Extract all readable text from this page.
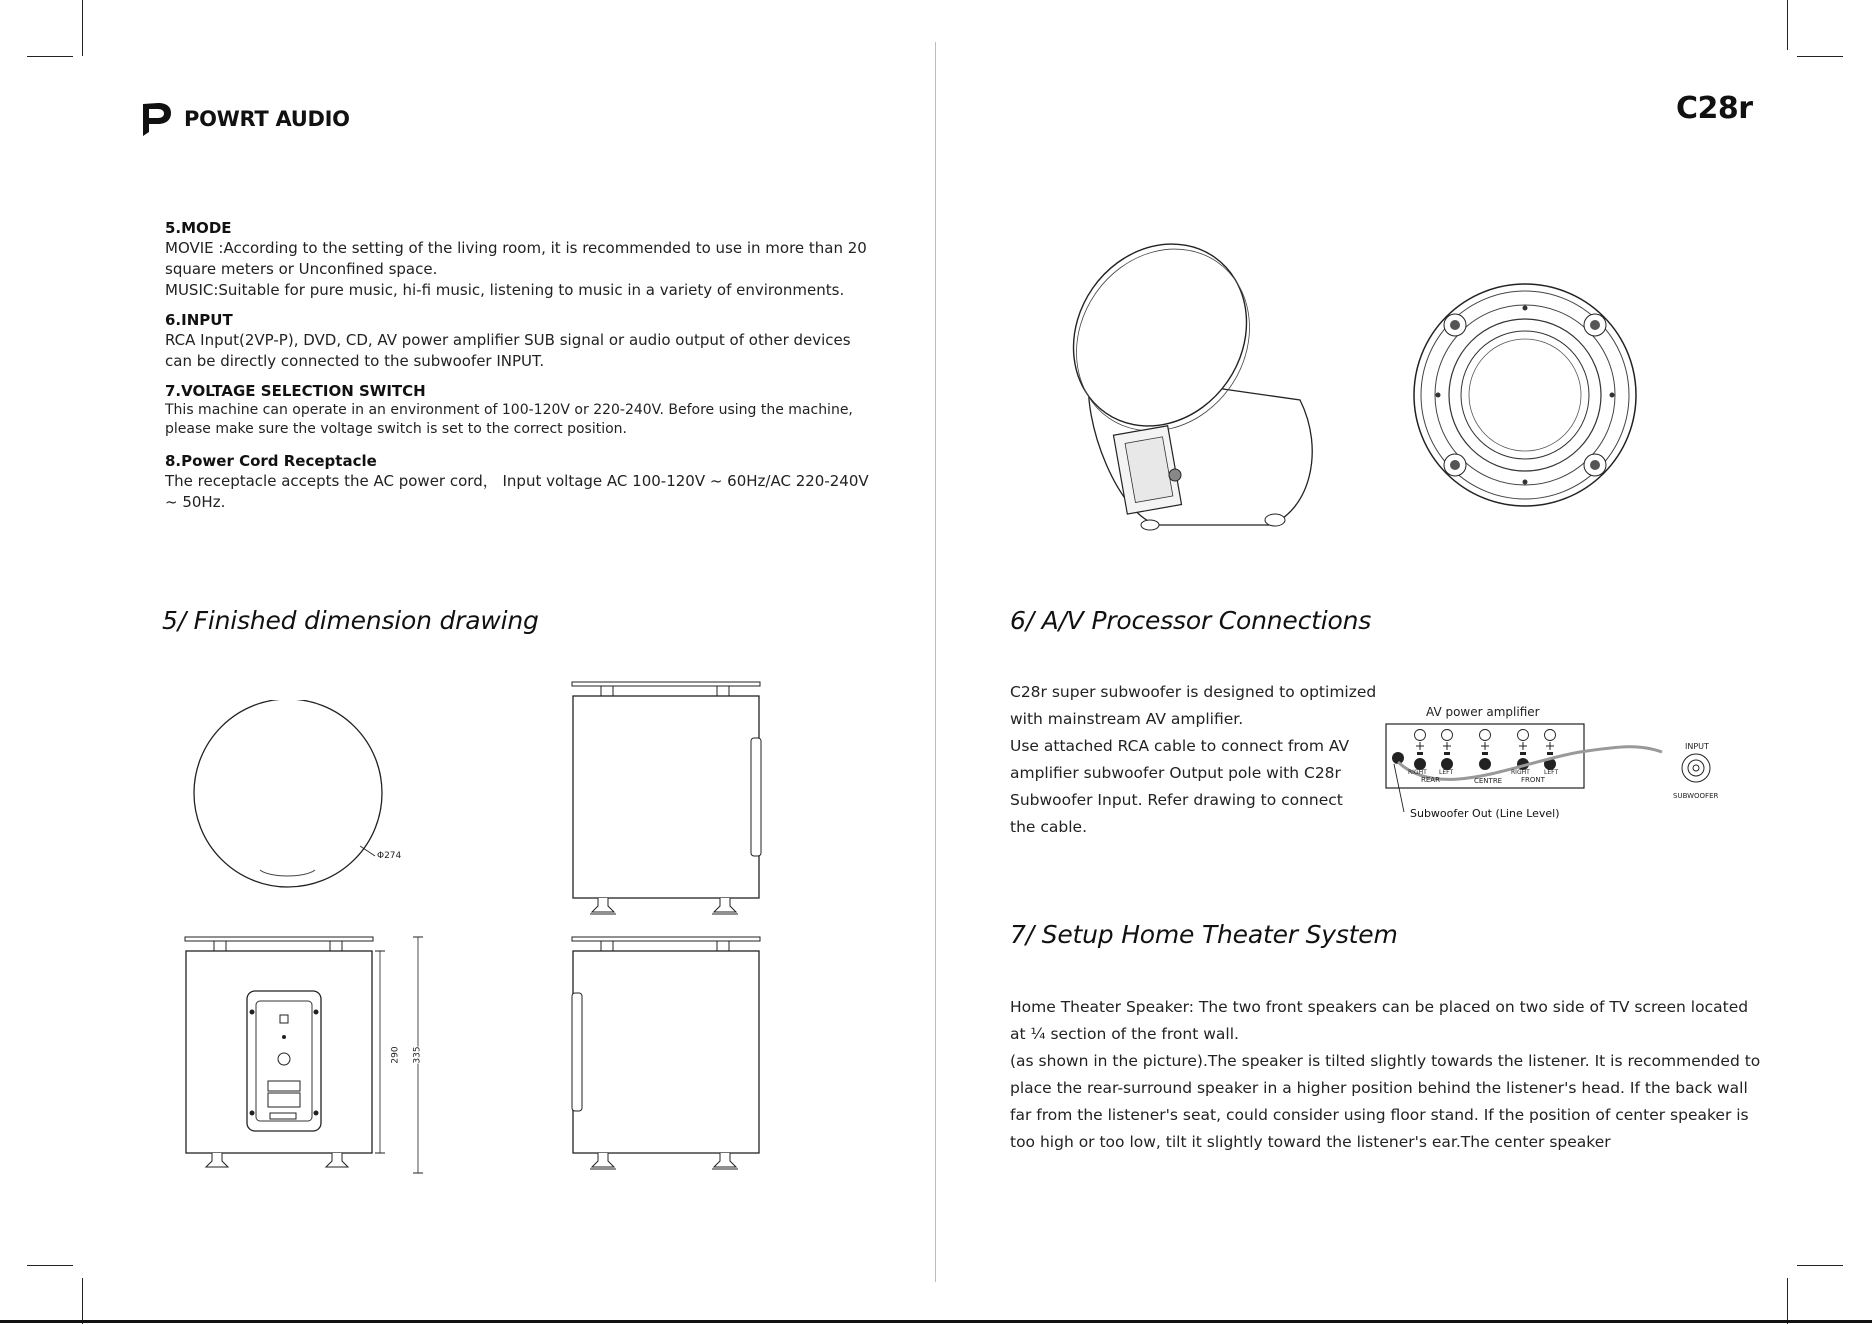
POWRT AUDIO	C28r
5.MODE
MOVIE :According to the setting of the living room, it is recommended to use in more than 20
square meters or Unconfined space.
MUSIC:Suitable for pure music, hi-fi music, listening to music in a variety of environments.
6.INPUT
RCA Input(2VP-P), DVD, CD, AV power amplifier SUB signal or audio output of other devices
can be directly connected to the subwoofer INPUT.
7.VOLTAGE SELECTION SWITCH
This machine can operate in an environment of 100-120V or 220-240V. Before using the machine,
please make sure the voltage switch is set to the correct position.
8.Power Cord Receptacle
The receptacle accepts the AC power cord， Input voltage AC 100-120V ~ 60Hz/AC 220-240V
~ 50Hz.
5/ Finished dimension drawing	6/ A/V Processor Connections
7/ Setup Home Theater System
Φ274
290 335
C28r super subwoofer is designed to optimized
with mainstream AV amplifier.
Use attached RCA cable to connect from AV
amplifier subwoofer Output pole with C28r
Subwoofer Input. Refer drawing to connect
the cable.
AV power amplifier
RIGHT LEFT	RIGHT LEFT
REAR	CENTRE	FRONT
Subwoofer Out (Line Level)
INPUT
SUBWOOFER
Home Theater Speaker: The two front speakers can be placed on two side of TV screen located
at ¼ section of the front wall.
(as shown in the picture).The speaker is tilted slightly towards the listener. It is recommended to
place the rear-surround speaker in a higher position behind the listener's head. If the back wall
far from the listener's seat, could consider using floor stand. If the position of center speaker is
too high or too low, tilt it slightly toward the listener's ear.The center speaker
